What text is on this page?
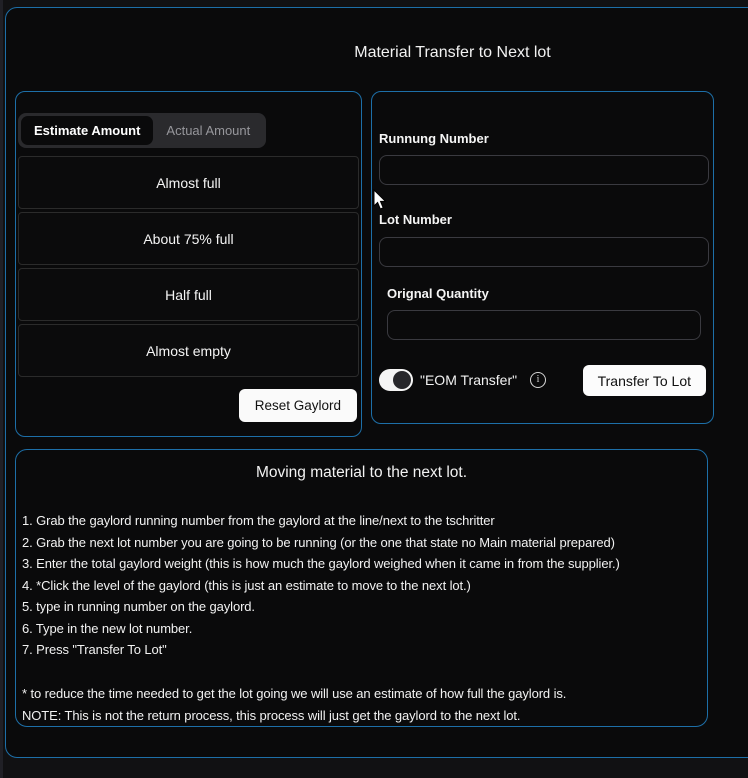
Material Transfer to Next lot
Estimate Amount	Actual Amount
Almost full About 75% full Half full Almost empty
Reset Gaylord
Runnung Number
Lot Number
Orignal Quantity
"EOM Transfer"	i	Transfer To Lot
Moving material to the next lot.
1. Grab the gaylord running number from the gaylord at the line/next to the tschritter
2. Grab the next lot number you are going to be running (or the one that state no Main material prepared)
3. Enter the total gaylord weight (this is how much the gaylord weighed when it came in from the supplier.)
4. *Click the level of the gaylord (this is just an estimate to move to the next lot.)
5. type in running number on the gaylord.
6. Type in the new lot number.
7. Press "Transfer To Lot"
* to reduce the time needed to get the lot going we will use an estimate of how full the gaylord is.
NOTE: This is not the return process, this process will just get the gaylord to the next lot.
